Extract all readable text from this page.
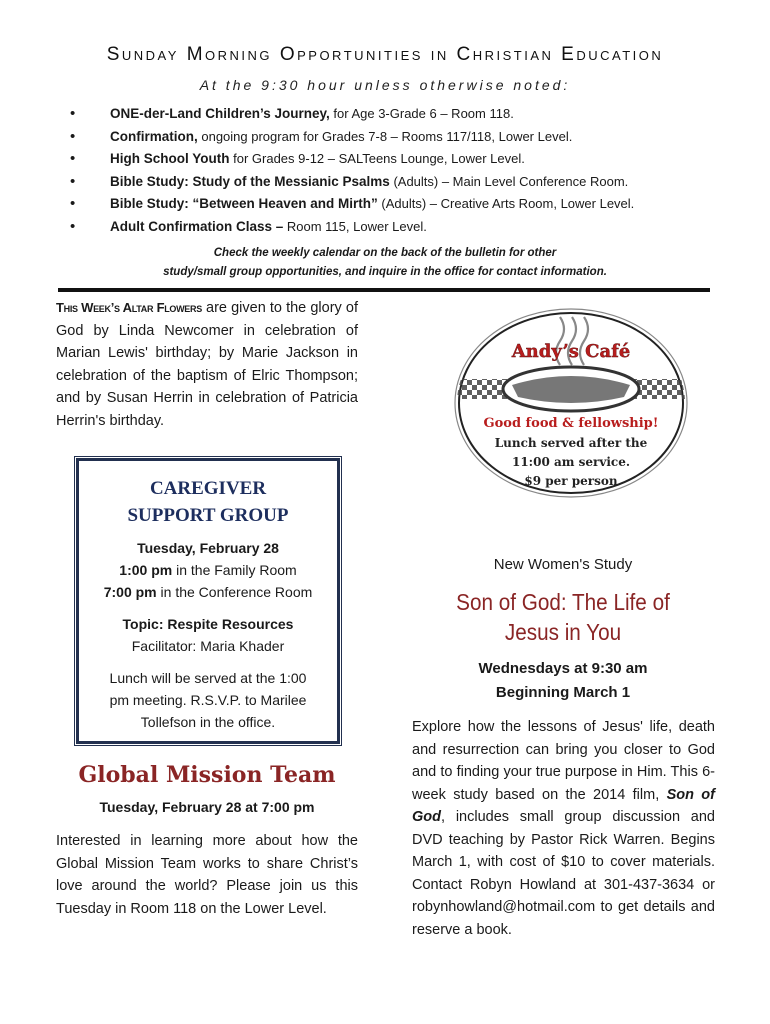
Sunday Morning Opportunities in Christian Education
At the 9:30 hour unless otherwise noted:
• ONE-der-Land Children’s Journey, for Age 3-Grade 6 – Room 118.
• Confirmation, ongoing program for Grades 7-8 – Rooms 117/118, Lower Level.
• High School Youth for Grades 9-12 – SALTeens Lounge, Lower Level.
• Bible Study: Study of the Messianic Psalms (Adults) – Main Level Conference Room.
• Bible Study: “Between Heaven and Mirth” (Adults) – Creative Arts Room, Lower Level.
• Adult Confirmation Class – Room 115, Lower Level.
Check the weekly calendar on the back of the bulletin for other
study/small group opportunities, and inquire in the office for contact information.
This Week’s Altar Flowers are given to the glory of God by Linda Newcomer in celebration of Marian Lewis' birthday; by Marie Jackson in celebration of the baptism of Elric Thompson; and by Susan Herrin in celebration of Patricia Herrin's birthday.
Andy’s Café
Good food & fellowship!
Lunch served after the
11:00 am service.
$9 per person
CAREGIVER
SUPPORT GROUP
Tuesday, February 28
1:00 pm in the Family Room
7:00 pm in the Conference Room
Topic: Respite Resources
Facilitator: Maria Khader
Lunch will be served at the 1:00
pm meeting. R.S.V.P. to Marilee
Tollefson in the office.
Global Mission Team
Tuesday, February 28 at 7:00 pm
Interested in learning more about how the Global Mission Team works to share Christ’s love around the world? Please join us this Tuesday in Room 118 on the Lower Level.
New Women's Study
Son of God: The Life of
Jesus in You
Wednesdays at 9:30 am
Beginning March 1
Explore how the lessons of Jesus' life, death and resurrection can bring you closer to God and to finding your true purpose in Him. This 6-week study based on the 2014 film, Son of God, includes small group discussion and DVD teaching by Pastor Rick Warren. Begins March 1, with cost of $10 to cover materials. Contact Robyn Howland at 301-437-3634 or robynhowland@hotmail.com to get details and reserve a book.
